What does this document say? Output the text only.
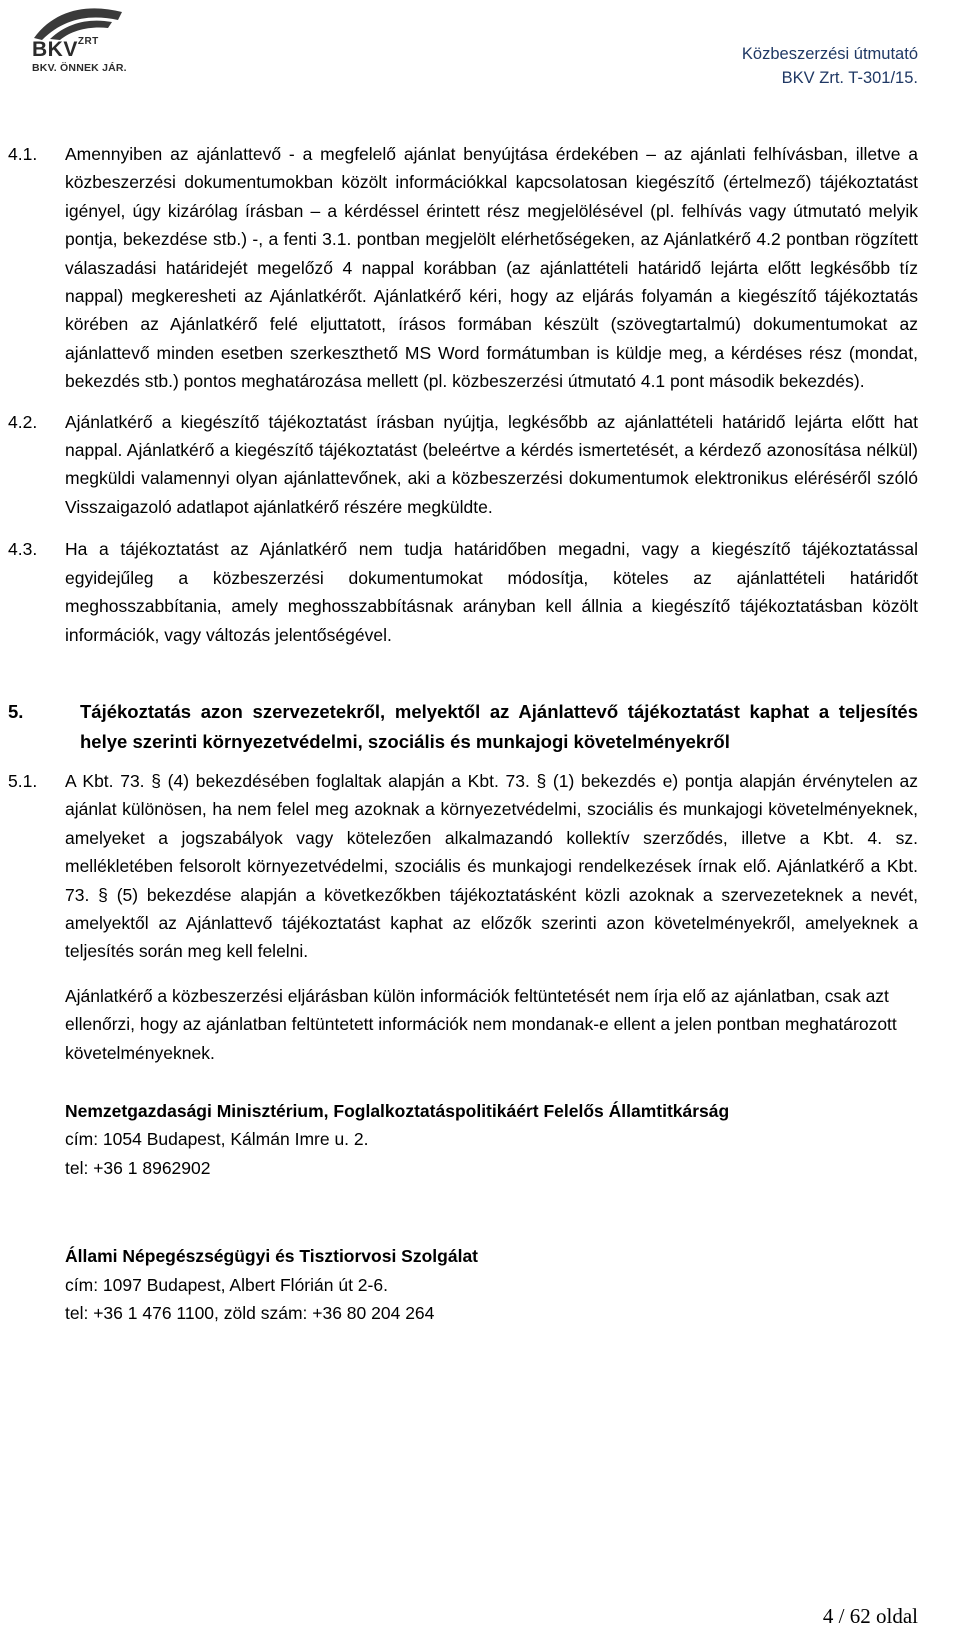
$BKV^{ZRT}$
BKV. ÖNNEK JÁR.
Közbeszerzési útmutató
BKV Zrt. T-301/15.
4.1. Amennyiben az ajánlattevő - a megfelelő ajánlat benyújtása érdekében – az ajánlati felhívásban, illetve a közbeszerzési dokumentumokban közölt információkkal kapcsolatosan kiegészítő (értelmező) tájékoztatást igényel, úgy kizárólag írásban – a kérdéssel érintett rész megjelölésével (pl. felhívás vagy útmutató melyik pontja, bekezdése stb.) -, a fenti 3.1. pontban megjelölt elérhetőségeken, az Ajánlatkérő 4.2 pontban rögzített válaszadási határidejét megelőző 4 nappal korábban (az ajánlattételi határidő lejárta előtt legkésőbb tíz nappal) megkeresheti az Ajánlatkérőt. Ajánlatkérő kéri, hogy az eljárás folyamán a kiegészítő tájékoztatás körében az Ajánlatkérő felé eljuttatott, írásos formában készült (szövegtartalmú) dokumentumokat az ajánlattevő minden esetben szerkeszthető MS Word formátumban is küldje meg, a kérdéses rész (mondat, bekezdés stb.) pontos meghatározása mellett (pl. közbeszerzési útmutató 4.1 pont második bekezdés).
4.2. Ajánlatkérő a kiegészítő tájékoztatást írásban nyújtja, legkésőbb az ajánlattételi határidő lejárta előtt hat nappal. Ajánlatkérő a kiegészítő tájékoztatást (beleértve a kérdés ismertetését, a kérdező azonosítása nélkül) megküldi valamennyi olyan ajánlattevőnek, aki a közbeszerzési dokumentumok elektronikus eléréséről szóló Visszaigazoló adatlapot ajánlatkérő részére megküldte.
4.3. Ha a tájékoztatást az Ajánlatkérő nem tudja határidőben megadni, vagy a kiegészítő tájékoztatással egyidejűleg a közbeszerzési dokumentumokat módosítja, köteles az ajánlattételi határidőt meghosszabbítania, amely meghosszabbításnak arányban kell állnia a kiegészítő tájékoztatásban közölt információk, vagy változás jelentőségével.
5.	Tájékoztatás azon szervezetekről, melyektől az Ajánlattevő tájékoztatást kaphat a teljesítés helye szerinti környezetvédelmi, szociális és munkajogi követelményekről
5.1. A Kbt. 73. § (4) bekezdésében foglaltak alapján a Kbt. 73. § (1) bekezdés e) pontja alapján érvénytelen az ajánlat különösen, ha nem felel meg azoknak a környezetvédelmi, szociális és munkajogi követelményeknek, amelyeket a jogszabályok vagy kötelezően alkalmazandó kollektív szerződés, illetve a Kbt. 4. sz. mellékletében felsorolt környezetvédelmi, szociális és munkajogi rendelkezések írnak elő. Ajánlatkérő a Kbt. 73. § (5) bekezdése alapján a következőkben tájékoztatásként közli azoknak a szervezeteknek a nevét, amelyektől az Ajánlattevő tájékoztatást kaphat az előzők szerinti azon követelményekről, amelyeknek a teljesítés során meg kell felelni.
Ajánlatkérő a közbeszerzési eljárásban külön információk feltüntetését nem írja elő az ajánlatban, csak azt ellenőrzi, hogy az ajánlatban feltüntetett információk nem mondanak-e ellent a jelen pontban meghatározott követelményeknek.
Nemzetgazdasági Minisztérium, Foglalkoztatáspolitikáért Felelős Államtitkárság
cím: 1054 Budapest, Kálmán Imre u. 2.
tel: +36 1 8962902
Állami Népegészségügyi és Tisztiorvosi Szolgálat
cím: 1097 Budapest, Albert Flórián út 2-6.
tel: +36 1 476 1100, zöld szám: +36 80 204 264
4 / 62 oldal
